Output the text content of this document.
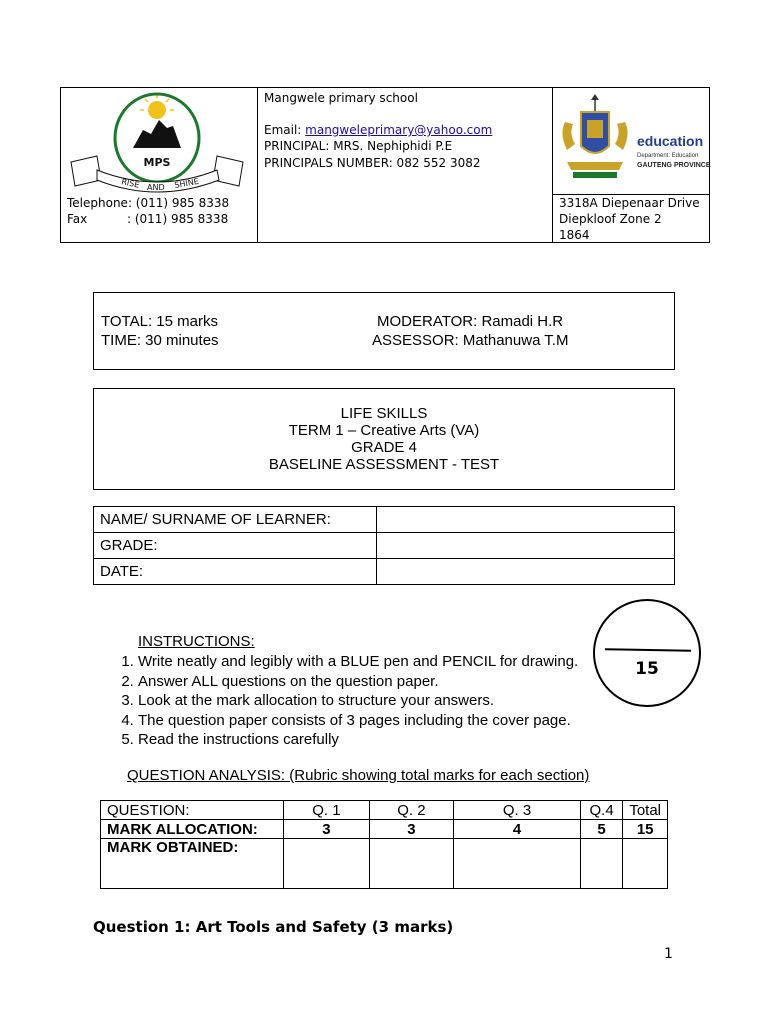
MPS
RISE AND SHINE
Telephone: (011) 985 8338
Fax	: (011) 985 8338
Mangwele primary school
Email: mangweleprimary@yahoo.com
PRINCIPAL: MRS. Nephiphidi P.E
PRINCIPALS NUMBER: 082 552 3082
education
Department: Education
GAUTENG PROVINCE
3318A Diepenaar Drive
Diepkloof Zone 2
1864
TOTAL: 15 marks
TIME: 30 minutes
MODERATOR: Ramadi H.R
ASSESSOR: Mathanuwa T.M
LIFE SKILLS
TERM 1 – Creative Arts (VA)
GRADE 4
BASELINE ASSESSMENT - TEST
NAME/ SURNAME OF LEARNER:	
GRADE:	
DATE:	
INSTRUCTIONS:
1. Write neatly and legibly with a BLUE pen and PENCIL for drawing.
2. Answer ALL questions on the question paper.
3. Look at the mark allocation to structure your answers.
4. The question paper consists of 3 pages including the cover page.
5. Read the instructions carefully
15
QUESTION ANALYSIS: (Rubric showing total marks for each section)
QUESTION:	Q. 1	Q. 2	Q. 3	Q.4	Total
MARK ALLOCATION:	3	3	4	5	15
MARK OBTAINED:					
Question 1: Art Tools and Safety (3 marks)
1
